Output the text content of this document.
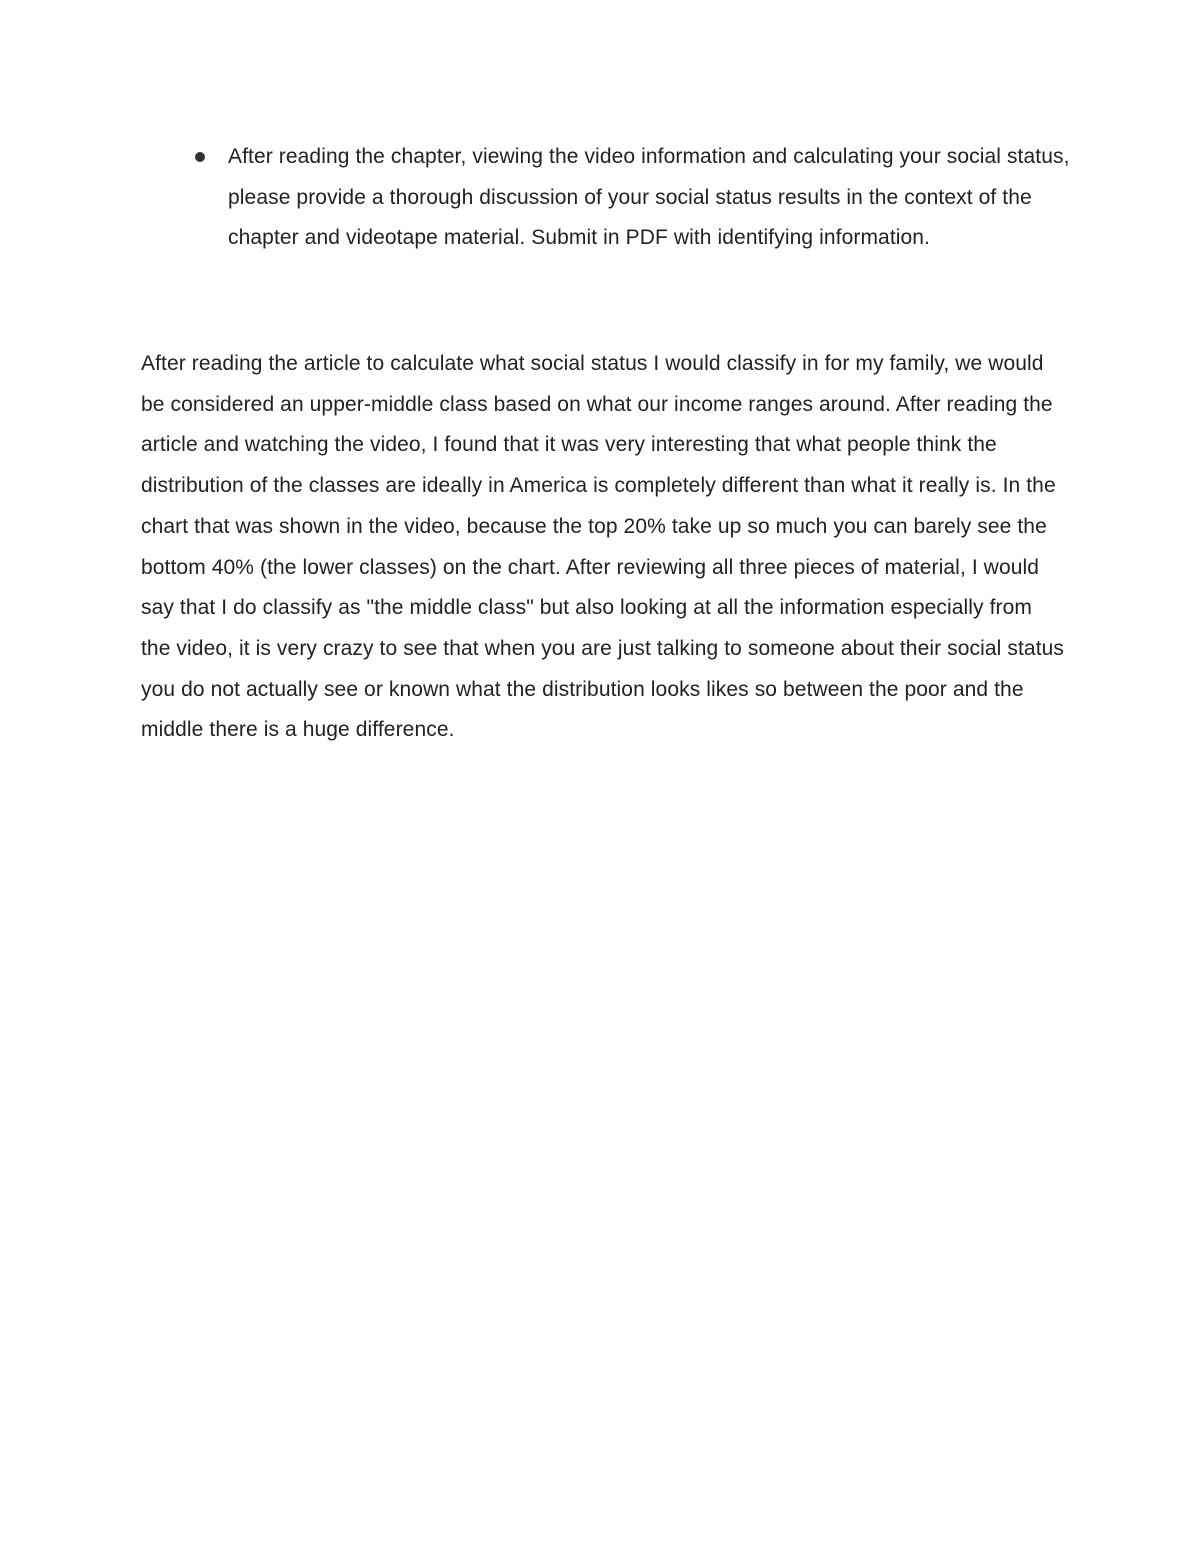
After reading the chapter, viewing the video information and calculating your social status, please provide a thorough discussion of your social status results in the context of the chapter and videotape material. Submit in PDF with identifying information.

After reading the article to calculate what social status I would classify in for my family, we would be considered an upper-middle class based on what our income ranges around. After reading the article and watching the video, I found that it was very interesting that what people think the distribution of the classes are ideally in America is completely different than what it really is. In the chart that was shown in the video, because the top 20% take up so much you can barely see the bottom 40% (the lower classes) on the chart. After reviewing all three pieces of material, I would say that I do classify as "the middle class" but also looking at all the information especially from the video, it is very crazy to see that when you are just talking to someone about their social status you do not actually see or known what the distribution looks likes so between the poor and the middle there is a huge difference.
